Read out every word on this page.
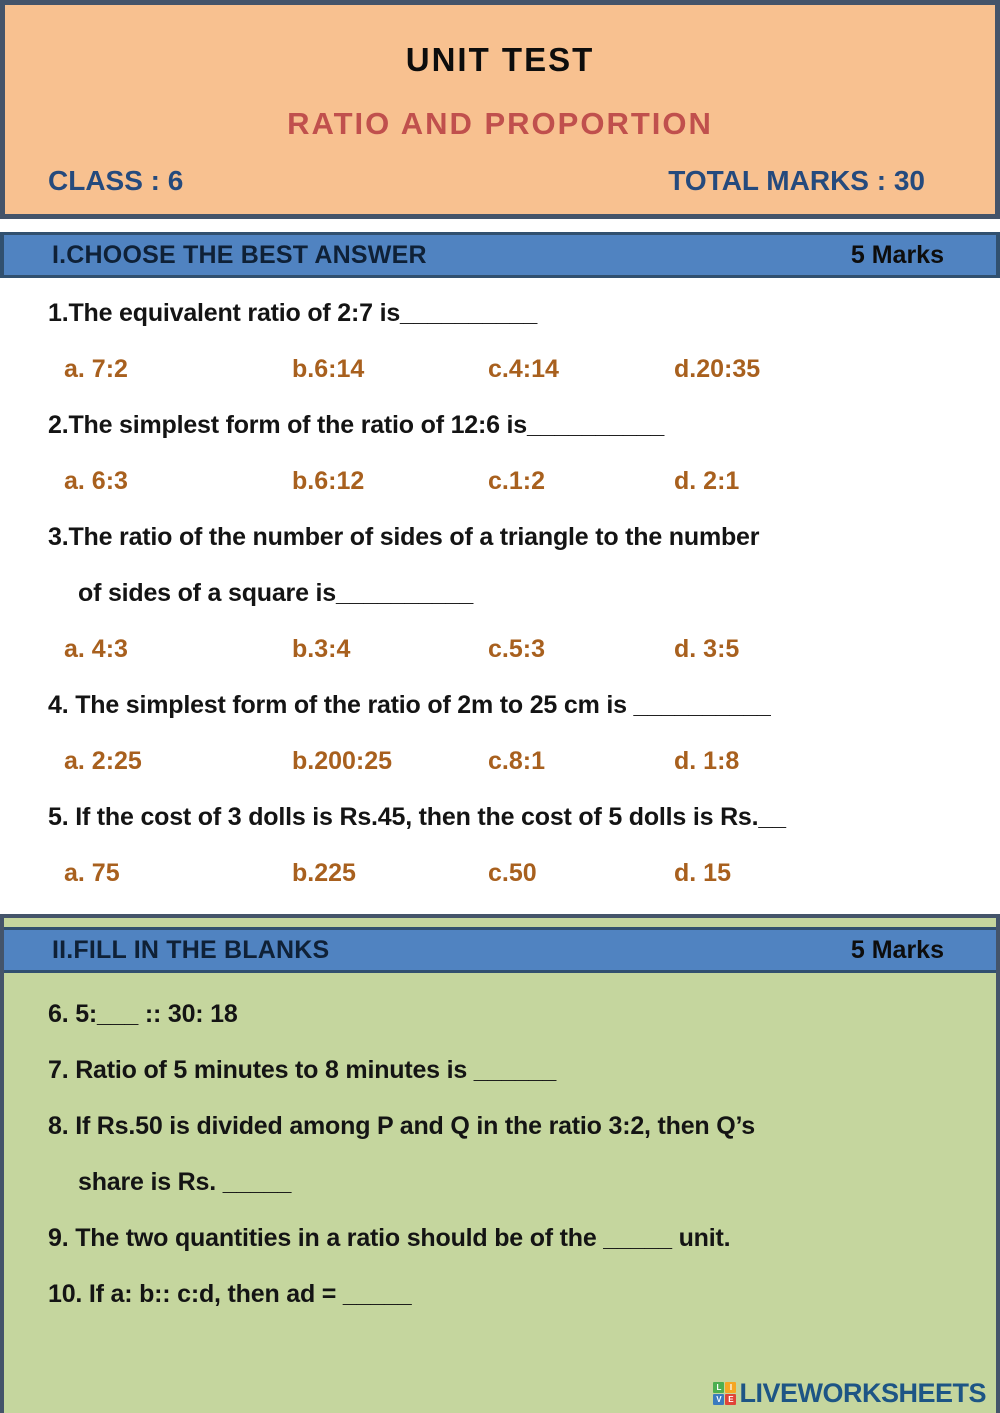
UNIT TEST
RATIO AND PROPORTION
CLASS : 6	TOTAL MARKS : 30
I.CHOOSE THE BEST ANSWER	5 Marks
1.The equivalent ratio of 2:7 is__________
a. 7:2	b.6:14	c.4:14	d.20:35
2.The simplest form of the ratio of 12:6 is__________
a. 6:3	b.6:12	c.1:2	d. 2:1
3.The ratio of the number of sides of a triangle to the number
of sides of a square is__________
a. 4:3	b.3:4	c.5:3	d. 3:5
4. The simplest form of the ratio of 2m to 25 cm is __________
a. 2:25	b.200:25	c.8:1	d. 1:8
5. If the cost of 3 dolls is Rs.45, then the cost of 5 dolls is Rs.__
a. 75	b.225	c.50	d. 15
II.FILL IN THE BLANKS	5 Marks
6. 5:___ :: 30: 18
7. Ratio of 5 minutes to 8 minutes is ______
8. If Rs.50 is divided among P and Q in the ratio 3:2, then Q’s
share is Rs. _____
9. The two quantities in a ratio should be of the _____ unit.
10. If a: b:: c:d, then ad = _____
L	I
V E LIVEWORKSHEETS
